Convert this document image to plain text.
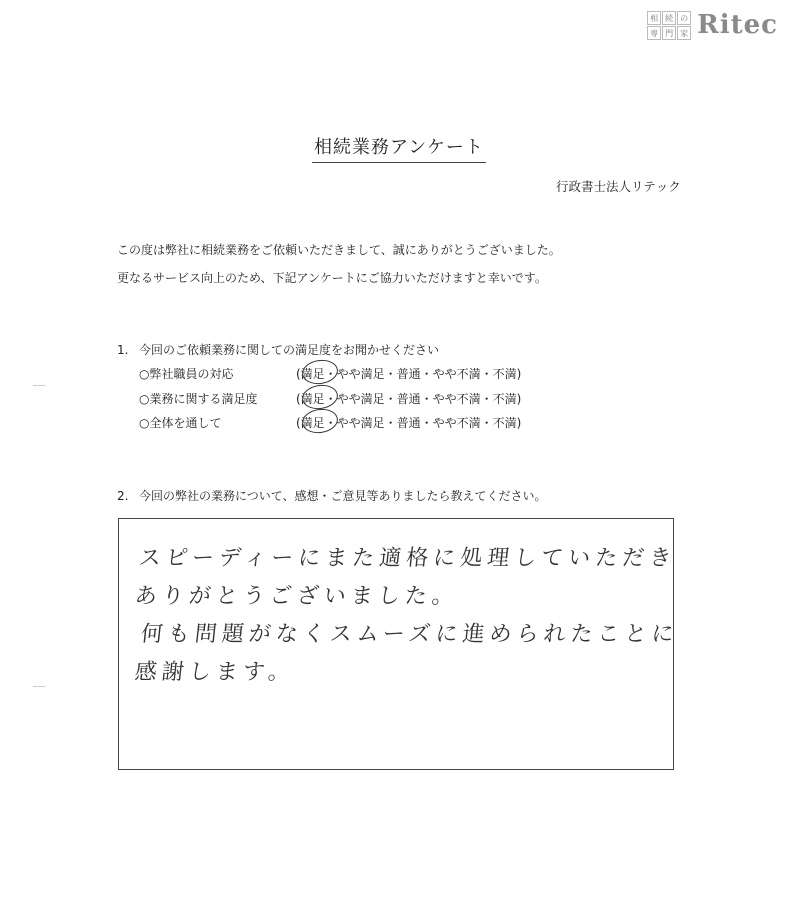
相 続 の
専 門 家 Ritec
相続業務アンケート
行政書士法人リテック
この度は弊社に相続業務をご依頼いただきまして、誠にありがとうございました。
更なるサービス向上のため、下記アンケートにご協力いただけますと幸いです。
1. 今回のご依頼業務に関しての満足度をお聞かせください
○弊社職員の対応	(満足・やや満足・普通・やや不満・不満)
○業務に関する満足度	(満足・やや満足・普通・やや不満・不満)
○全体を通して	(満足・やや満足・普通・やや不満・不満)
2. 今回の弊社の業務について、感想・ご意見等ありましたら教えてください。
スピーディーにまた適格に処理していただき
ありがとうございました。
何も問題がなくスムーズに進められたことに
感謝します。
